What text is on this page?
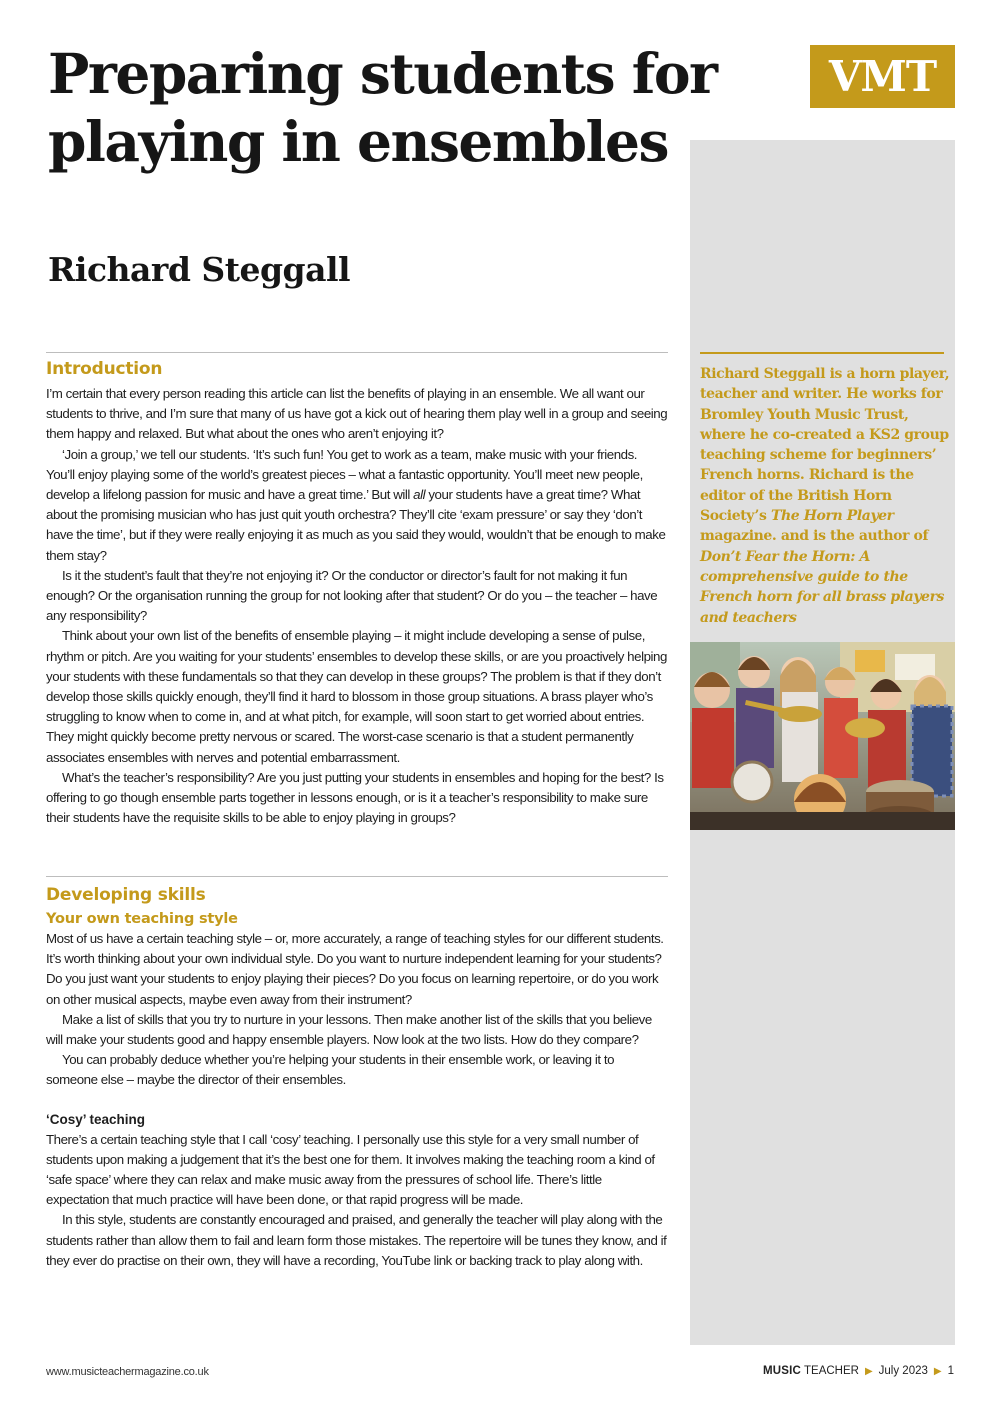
Preparing students for playing in ensembles
Richard Steggall
VMT
Richard Steggall is a horn player, teacher and writer. He works for Bromley Youth Music Trust, where he co-created a KS2 group teaching scheme for beginners’ French horns. Richard is the editor of the British Horn Society’s The Horn Player magazine. and is the author of Don’t Fear the Horn: A comprehensive guide to the French horn for all brass players and teachers
Introduction

I’m certain that every person reading this article can list the benefits of playing in an ensemble. We all want our students to thrive, and I’m sure that many of us have got a kick out of hearing them play well in a group and seeing them happy and relaxed. But what about the ones who aren’t enjoying it?

‘Join a group,’ we tell our students. ‘It’s such fun! You get to work as a team, make music with your friends. You’ll enjoy playing some of the world’s greatest pieces – what a fantastic opportunity. You’ll meet new people, develop a lifelong passion for music and have a great time.’ But will all your students have a great time? What about the promising musician who has just quit youth orchestra? They’ll cite ‘exam pressure’ or say they ‘don’t have the time’, but if they were really enjoying it as much as you said they would, wouldn’t that be enough to make them stay?

Is it the student’s fault that they’re not enjoying it? Or the conductor or director’s fault for not making it fun enough? Or the organisation running the group for not looking after that student? Or do you – the teacher – have any responsibility?

Think about your own list of the benefits of ensemble playing – it might include developing a sense of pulse, rhythm or pitch. Are you waiting for your students’ ensembles to develop these skills, or are you proactively helping your students with these fundamentals so that they can develop in these groups? The problem is that if they don’t develop those skills quickly enough, they’ll find it hard to blossom in those group situations. A brass player who’s struggling to know when to come in, and at what pitch, for example, will soon start to get worried about entries. They might quickly become pretty nervous or scared. The worst-case scenario is that a student permanently associates ensembles with nerves and potential embarrassment.

What’s the teacher’s responsibility? Are you just putting your students in ensembles and hoping for the best? Is offering to go though ensemble parts together in lessons enough, or is it a teacher’s responsibility to make sure their students have the requisite skills to be able to enjoy playing in groups?

Developing skills
Your own teaching style

Most of us have a certain teaching style – or, more accurately, a range of teaching styles for our different students. It’s worth thinking about your own individual style. Do you want to nurture independent learning for your students? Do you just want your students to enjoy playing their pieces? Do you focus on learning repertoire, or do you work on other musical aspects, maybe even away from their instrument?

Make a list of skills that you try to nurture in your lessons. Then make another list of the skills that you believe will make your students good and happy ensemble players. Now look at the two lists. How do they compare?

You can probably deduce whether you’re helping your students in their ensemble work, or leaving it to someone else – maybe the director of their ensembles.

‘Cosy’ teaching

There’s a certain teaching style that I call ‘cosy’ teaching. I personally use this style for a very small number of students upon making a judgement that it’s the best one for them. It involves making the teaching room a kind of ‘safe space’ where they can relax and make music away from the pressures of school life. There’s little expectation that much practice will have been done, or that rapid progress will be made.

In this style, students are constantly encouraged and praised, and generally the teacher will play along with the students rather than allow them to fail and learn form those mistakes. The repertoire will be tunes they know, and if they ever do practise on their own, they will have a recording, YouTube link or backing track to play along with.

www.musicteachermagazine.co.uk	MUSIC TEACHER ▶ July 2023 ▶ 1
